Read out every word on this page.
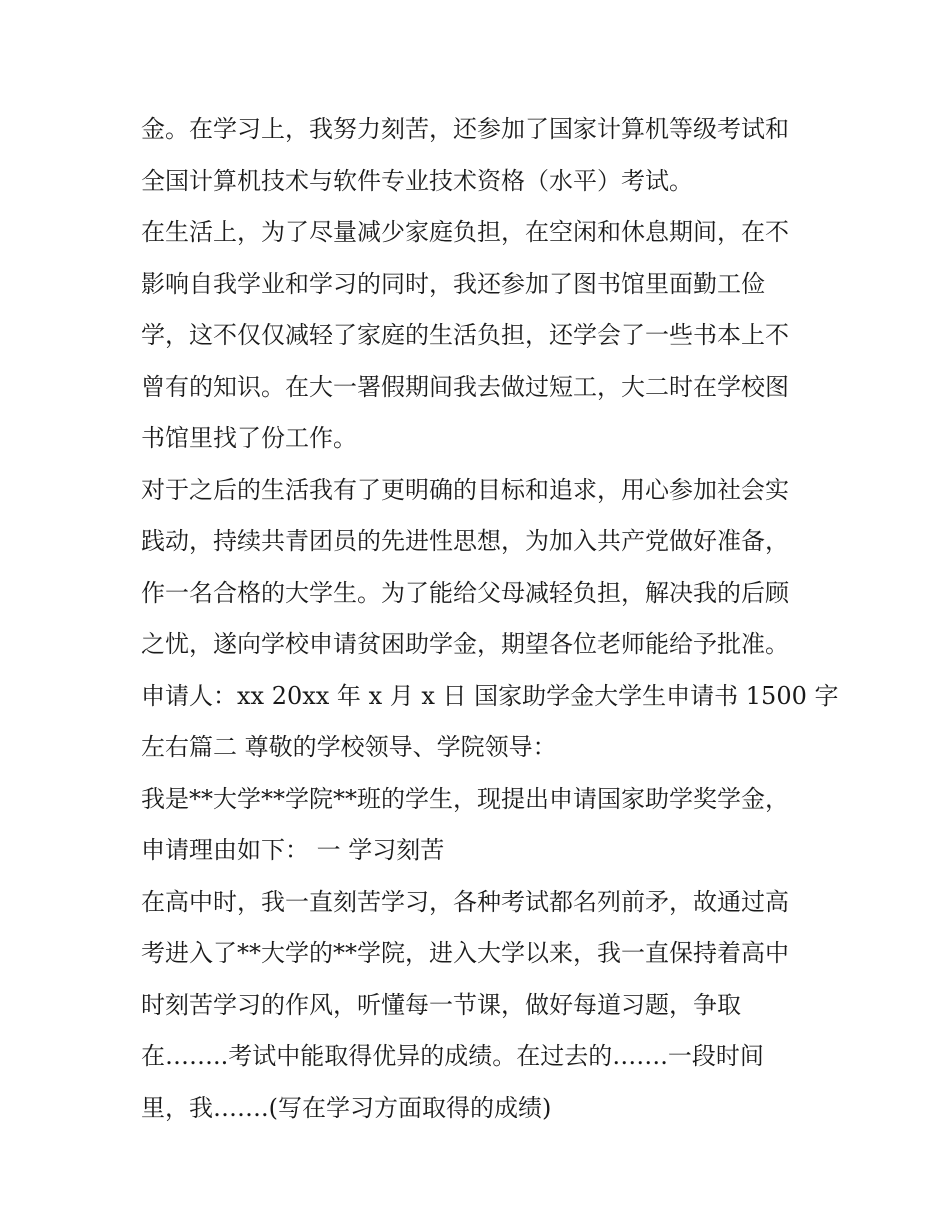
金。在学习上，我努力刻苦，还参加了国家计算机等级考试和
全国计算机技术与软件专业技术资格（水平）考试。
在生活上，为了尽量减少家庭负担，在空闲和休息期间，在不
影响自我学业和学习的同时，我还参加了图书馆里面勤工俭
学，这不仅仅减轻了家庭的生活负担，还学会了一些书本上不
曾有的知识。在大一署假期间我去做过短工，大二时在学校图
书馆里找了份工作。
对于之后的生活我有了更明确的目标和追求，用心参加社会实
践动，持续共青团员的先进性思想，为加入共产党做好准备，
作一名合格的大学生。为了能给父母减轻负担，解决我的后顾
之忧，遂向学校申请贫困助学金，期望各位老师能给予批准。
申请人：xx 20xx 年 x 月 x 日 国家助学金大学生申请书 1500 字
左右篇二 尊敬的学校领导、学院领导：
我是**大学**学院**班的学生，现提出申请国家助学奖学金，
申请理由如下： 一 学习刻苦
在高中时，我一直刻苦学习，各种考试都名列前矛，故通过高
考进入了**大学的**学院，进入大学以来，我一直保持着高中
时刻苦学习的作风，听懂每一节课，做好每道习题，争取
在……..考试中能取得优异的成绩。在过去的…….一段时间
里，我…….(写在学习方面取得的成绩)
